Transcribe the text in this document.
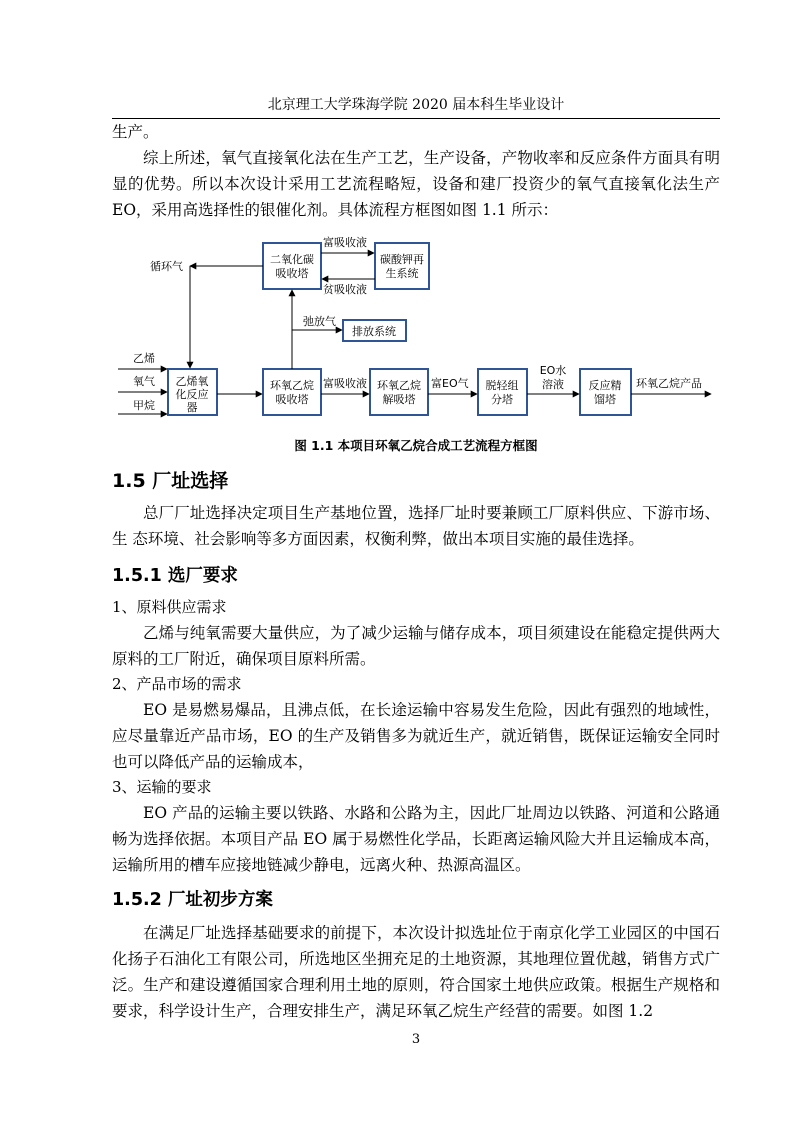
北京理工大学珠海学院 2020 届本科生毕业设计

生产。

综上所述，氧气直接氧化法在生产工艺，生产设备，产物收率和反应条件方面具有明显的优势。所以本次设计采用工艺流程略短，设备和建厂投资少的氧气直接氧化法生产 EO，采用高选择性的银催化剂。具体流程方框图如图 1.1 所示：

乙烯氧
化反应
器
二氧化碳
吸收塔
碳酸钾再
生系统
排放系统
环氧乙烷
吸收塔
环氧乙烷
解吸塔
脱轻组
分塔
反应精
馏塔
乙烯
氧气
甲烷
循环气
富吸收液
贫吸收液
弛放气
富吸收液	富EO气
EO水
溶液	环氧乙烷产品

图 1.1 本项目环氧乙烷合成工艺流程方框图

1.5 厂址选择

总厂厂址选择决定项目生产基地位置，选择厂址时要兼顾工厂原料供应、下游市场、生 态环境、社会影响等多方面因素，权衡利弊，做出本项目实施的最佳选择。

1.5.1 选厂要求

1、原料供应需求

乙烯与纯氧需要大量供应，为了减少运输与储存成本，项目须建设在能稳定提供两大原料的工厂附近，确保项目原料所需。

2、产品市场的需求

EO 是易燃易爆品，且沸点低，在长途运输中容易发生危险，因此有强烈的地域性，应尽量靠近产品市场，EO 的生产及销售多为就近生产，就近销售，既保证运输安全同时也可以降低产品的运输成本，

3、运输的要求

EO 产品的运输主要以铁路、水路和公路为主，因此厂址周边以铁路、河道和公路通畅为选择依据。本项目产品 EO 属于易燃性化学品，长距离运输风险大并且运输成本高，运输所用的槽车应接地链减少静电，远离火种、热源高温区。

1.5.2 厂址初步方案

在满足厂址选择基础要求的前提下，本次设计拟选址位于南京化学工业园区的中国石化扬子石油化工有限公司，所选地区坐拥充足的土地资源，其地理位置优越，销售方式广泛。生产和建设遵循国家合理利用土地的原则，符合国家土地供应政策。根据生产规格和要求，科学设计生产，合理安排生产，满足环氧乙烷生产经营的需要。如图 1.2

3
